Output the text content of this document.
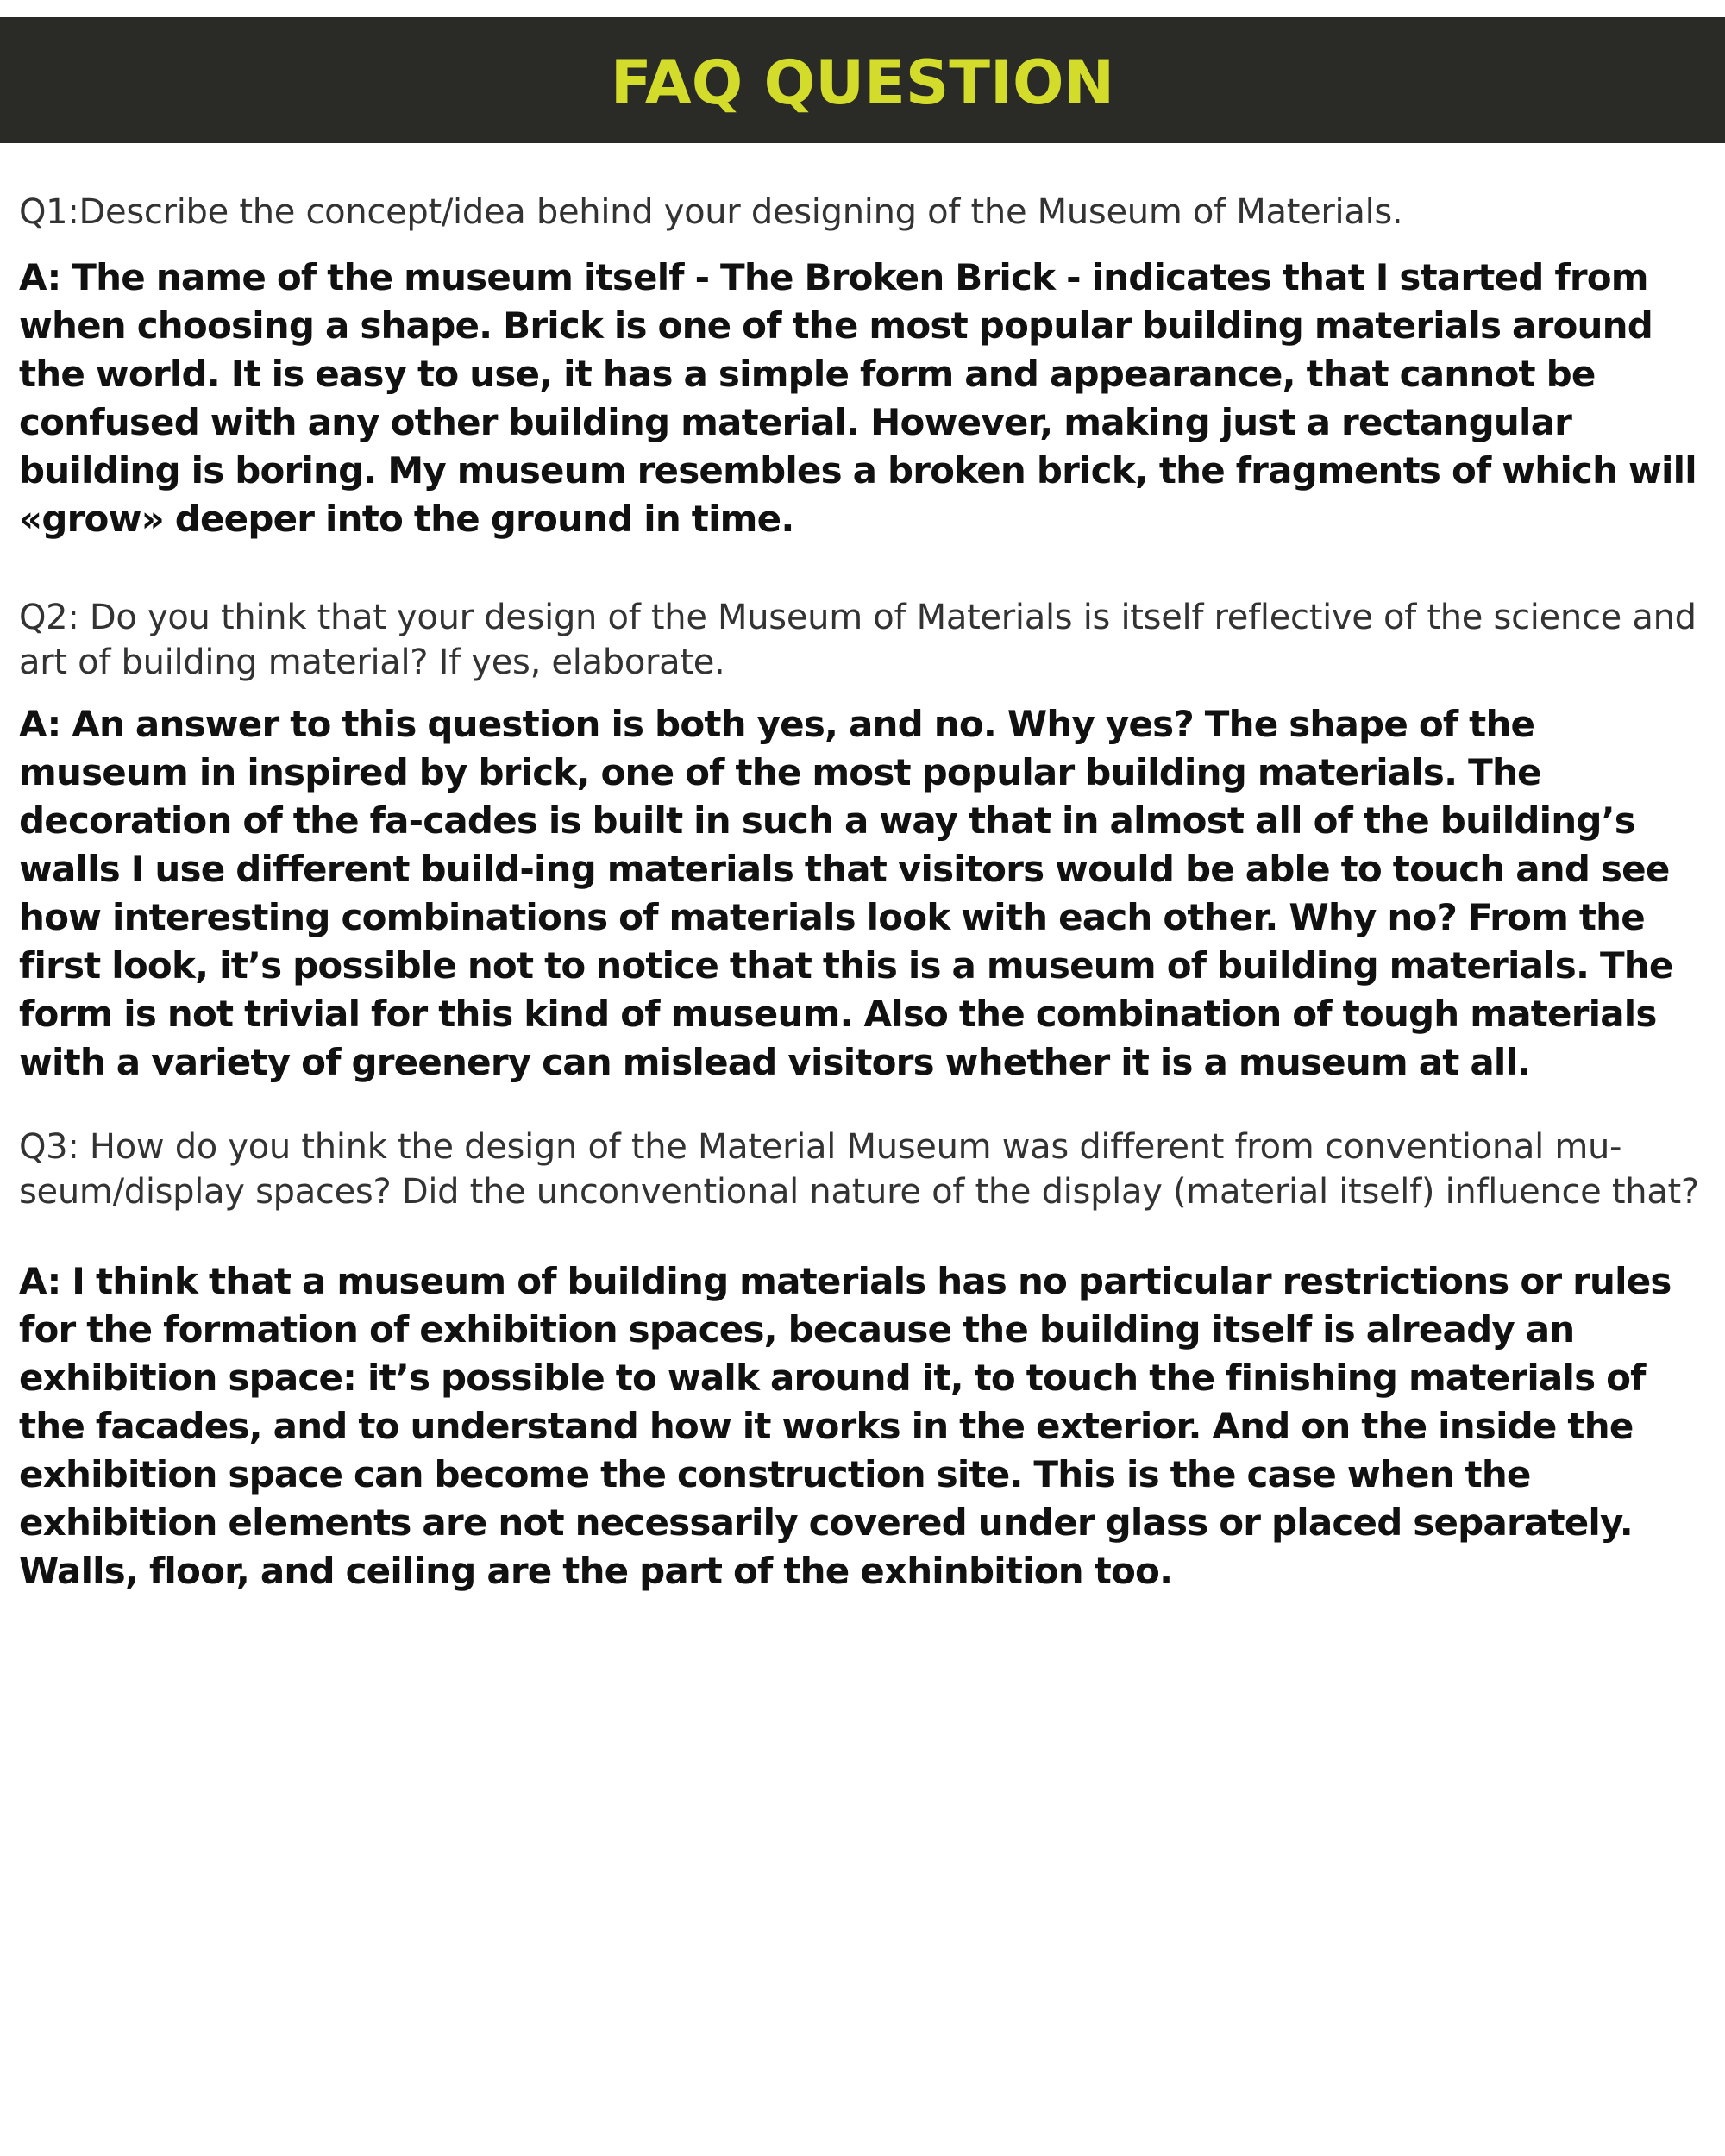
FAQ QUESTION

Q1:Describe the concept/idea behind your designing of the Museum of Materials.

A: The name of the museum itself - The Broken Brick - indicates that I started from when choosing a shape. Brick is one of the most popular building materials around the world. It is easy to use, it has a simple form and appearance, that cannot be confused with any other building material. However, making just a rectangular building is boring. My museum resembles a broken brick, the fragments of which will «grow» deeper into the ground in time.

Q2: Do you think that your design of the Museum of Materials is itself reflective of the science and art of building material? If yes, elaborate.

A: An answer to this question is both yes, and no. Why yes? The shape of the museum in inspired by brick, one of the most popular building materials. The decoration of the fa-cades is built in such a way that in almost all of the building’s walls I use different build-ing materials that visitors would be able to touch and see how interesting combinations of materials look with each other. Why no? From the first look, it’s possible not to notice that this is a museum of building materials. The form is not trivial for this kind of museum. Also the combination of tough materials with a variety of greenery can mislead visitors whether it is a museum at all.

Q3: How do you think the design of the Material Museum was different from conventional mu-seum/display spaces? Did the unconventional nature of the display (material itself) influence that?

A: I think that a museum of building materials has no particular restrictions or rules for the formation of exhibition spaces, because the building itself is already an exhibition space: it’s possible to walk around it, to touch the finishing materials of the facades, and to understand how it works in the exterior. And on the inside the exhibition space can become the construction site. This is the case when the exhibition elements are not necessarily covered under glass or placed separately. Walls, floor, and ceiling are the part of the exhinbition too.
